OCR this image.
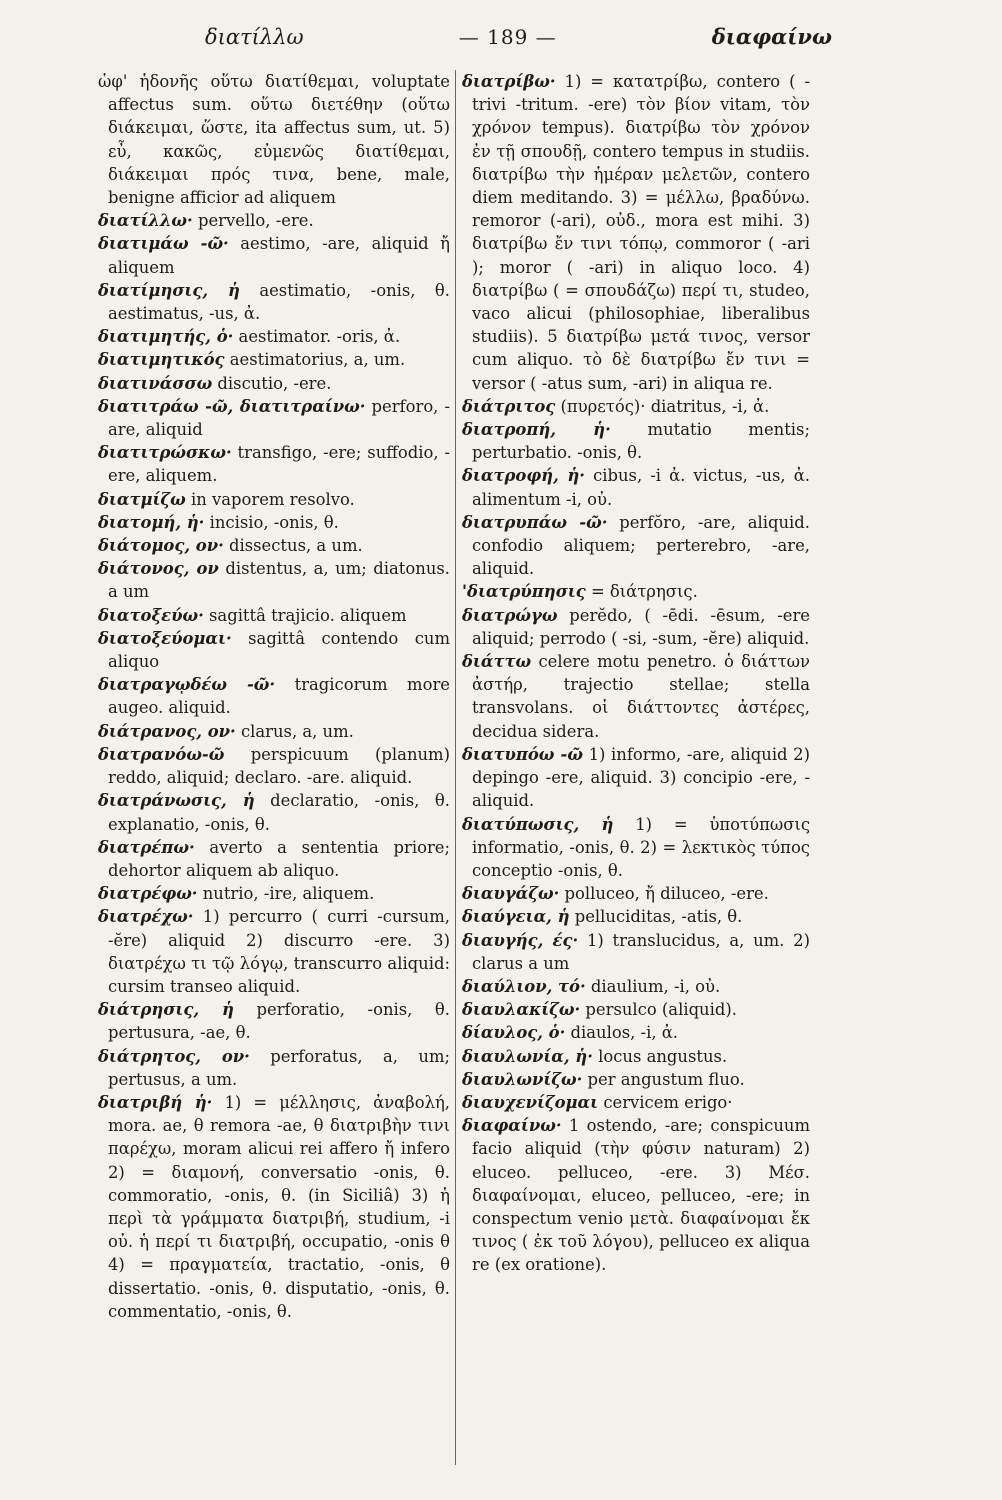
διατίλλω	— 189 —	διαφαίνω

ὡφ' ἡδονῆς οὕτω διατίθεμαι, voluptate affectus sum. οὕτω διετέθην (οὕτω διάκειμαι, ὥστε, ita affectus sum, ut. 5) εὖ, κακῶς, εὐμενῶς διατίθεμαι, διάκειμαι πρός τινα, bene, male, benigne afficior ad aliquem

διατίλλω· pervello, -ere.

διατιμάω -ῶ· aestimo, -are, aliquid ἤ aliquem

διατίμησις, ἡ aestimatio, -onis, θ. aestimatus, -us, ἀ.

διατιμητής, ὁ· aestimator. -oris, ἀ.

διατιμητικός aestimatorius, a, um.

διατινάσσω discutio, -ere.

διατιτράω -ῶ, διατιτραίνω· perforo, -are, aliquid

διατιτρώσκω· transfigo, -ere; suffodio, -ere, aliquem.

διατμίζω in vaporem resolvo.

διατομή, ἡ· incisio, -onis, θ.

διάτομος, ον· dissectus, a um.

διάτονος, ον distentus, a, um; diatonus. a um

διατοξεύω· sagittâ trajicio. aliquem

διατοξεύομαι· sagittâ contendo cum aliquo

διατραγῳδέω -ῶ· tragicorum more augeo. aliquid.

διάτρανος, ον· clarus, a, um.

διατρανόω-ῶ perspicuum (planum) reddo, aliquid; declaro. -are. aliquid.

διατράνωσις, ἡ declaratio, -onis, θ. explanatio, -onis, θ.

διατρέπω· averto a sententia priore; dehortor aliquem ab aliquo.

διατρέφω· nutrio, -ire, aliquem.

διατρέχω· 1) percurro ( curri -cursum, -ĕre) aliquid 2) discurro -ere. 3) διατρέχω τι τῷ λόγῳ, transcurro aliquid: cursim transeo aliquid.

διάτρησις, ἡ perforatio, -onis, θ. pertusura, -ae, θ.

διάτρητος, ον· perforatus, a, um; pertusus, a um.

διατριβή ἡ· 1) = μέλλησις, ἀναβολή, mora. ae, θ remora -ae, θ διατριβὴν τινι παρέχω, moram alicui rei affero ἤ infero 2) = διαμονή, conversatio -onis, θ. commoratio, -onis, θ. (in Siciliâ) 3) ἡ περὶ τὰ γράμματα διατριβή, studium, -i οὐ. ἡ περί τι διατριβή, occupatio, -onis θ 4) = πραγματεία, tractatio, -onis, θ dissertatio. -onis, θ. disputatio, -onis, θ. commentatio, -onis, θ.

διατρίβω· 1) = κατατρίβω, contero ( -trivi -tritum. -ere) τὸν βίον vitam, τὸν χρόνον tempus). διατρίβω τὸν χρόνον ἐν τῇ σπουδῇ, contero tempus in studiis. διατρίβω τὴν ἡμέραν μελετῶν, contero diem meditando. 3) = μέλλω, βραδύνω. remoror (-ari), οὐδ., mora est mihi. 3) διατρίβω ἔν τινι τόπῳ, commoror ( -ari ); moror ( -ari) in aliquo loco. 4) διατρίβω ( = σπουδάζω) περί τι, studeo, vaco alicui (philosophiae, liberalibus studiis). 5 διατρίβω μετά τινος, versor cum aliquo. τὸ δὲ διατρίβω ἔν τινι = versor ( -atus sum, -ari) in aliqua re.

διάτριτος (πυρετός)· diatritus, -i, ἀ.

διατροπή, ἡ· mutatio mentis; perturbatio. -onis, θ.

διατροφή, ἡ· cibus, -i ἀ. victus, -us, ἀ. alimentum -i, οὐ.

διατρυπάω -ῶ· perfŏro, -are, aliquid. confodio aliquem; perterebro, -are, aliquid.

'διατρύπησις = διάτρησις.

διατρώγω perĕdo, ( -ēdi. -ēsum, -ere aliquid; perrodo ( -si, -sum, -ĕre) aliquid.

διάττω celere motu penetro. ὁ διάττων ἀστήρ, trajectio stellae; stella transvolans. οἱ διάττοντες ἀστέρες, decidua sidera.

διατυπόω -ῶ 1) informo, -are, aliquid 2) depingo -ere, aliquid. 3) concipio -ere, -aliquid.

διατύπωσις, ἡ 1) = ὑποτύπωσις informatio, -onis, θ. 2) = λεκτικὸς τύπος conceptio -onis, θ.

διαυγάζω· polluceo, ἤ diluceo, -ere.

διαύγεια, ἡ pelluciditas, -atis, θ.

διαυγής, ές· 1) translucidus, a, um. 2) clarus a um

διαύλιον, τό· diaulium, -i, οὐ.

διαυλακίζω· persulco (aliquid).

δίαυλος, ὁ· diaulos, -i, ἀ.

διαυλωνία, ἡ· locus angustus.

διαυλωνίζω· per angustum fluo.

διαυχενίζομαι cervicem erigo·

διαφαίνω· 1 ostendo, -are; conspicuum facio aliquid (τὴν φύσιν naturam) 2) eluceo. pelluceo, -ere. 3) Μέσ. διαφαίνομαι, eluceo, pelluceo, -ere; in conspectum venio μετὰ. διαφαίνομαι ἔκ τινος ( ἐκ τοῦ λόγου), pelluceo ex aliqua re (ex oratione).
